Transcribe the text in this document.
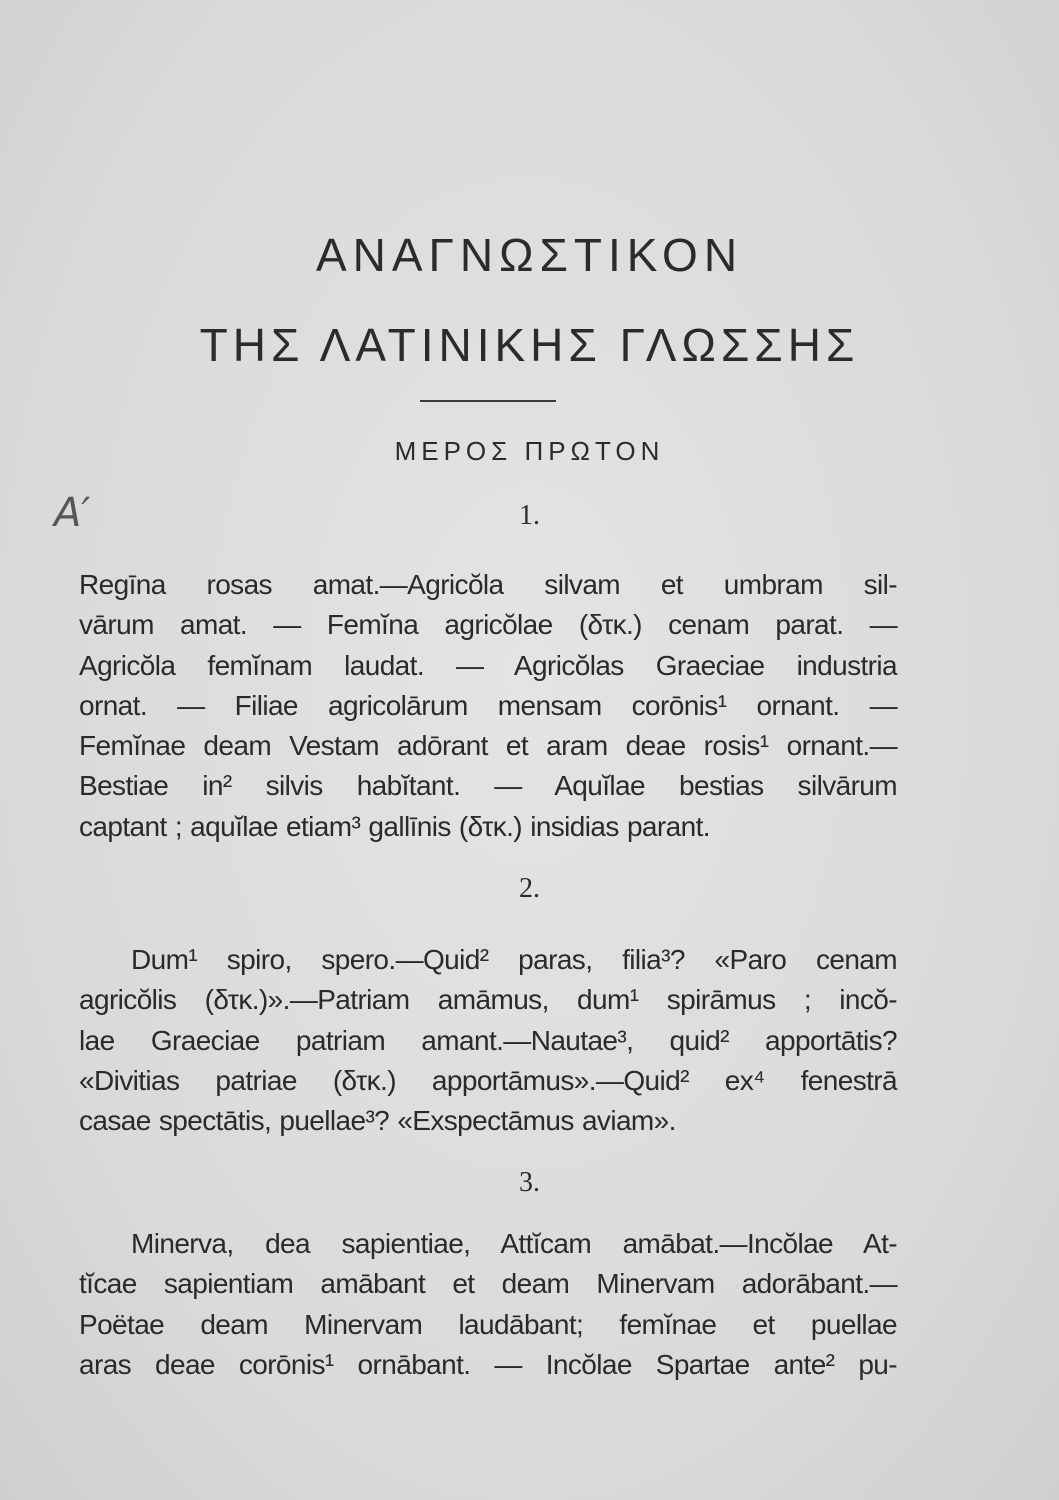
ΑΝΑΓΝΩΣΤΙΚΟΝ
ΤΗΣ ΛΑΤΙΝΙΚΗΣ ΓΛΩΣΣΗΣ
ΜΕΡΟΣ ΠΡΩΤΟΝ
A′	1.
Regīna rosas amat.—Agricŏla silvam et umbram sil-
vārum amat. — Femĭna agricŏlae (δτκ.) cenam parat. —
Agricŏla femĭnam laudat. — Agricŏlas Graeciae industria
ornat. — Filiae agricolārum mensam corōnis¹ ornant. —
Femĭnae deam Vestam adōrant et aram deae rosis¹ ornant.—
Bestiae in² silvis habĭtant. — Aquĭlae bestias silvārum
captant ; aquĭlae etiam³ gallīnis (δτκ.) insidias parant.
2.
Dum¹ spiro, spero.—Quid² paras, filia³? «Paro cenam
agricŏlis (δτκ.)».—Patriam amāmus, dum¹ spirāmus ; incŏ-
lae Graeciae patriam amant.—Nautae³, quid² apportātis?
«Divitias patriae (δτκ.) apportāmus».—Quid² ex⁴ fenestrā
casae spectātis, puellae³? «Exspectāmus aviam».
3.
Minerva, dea sapientiae, Attĭcam amābat.—Incŏlae At-
tĭcae sapientiam amābant et deam Minervam adorābant.—
Poëtae deam Minervam laudābant; femĭnae et puellae
aras deae corōnis¹ ornābant. — Incŏlae Spartae ante² pu-
